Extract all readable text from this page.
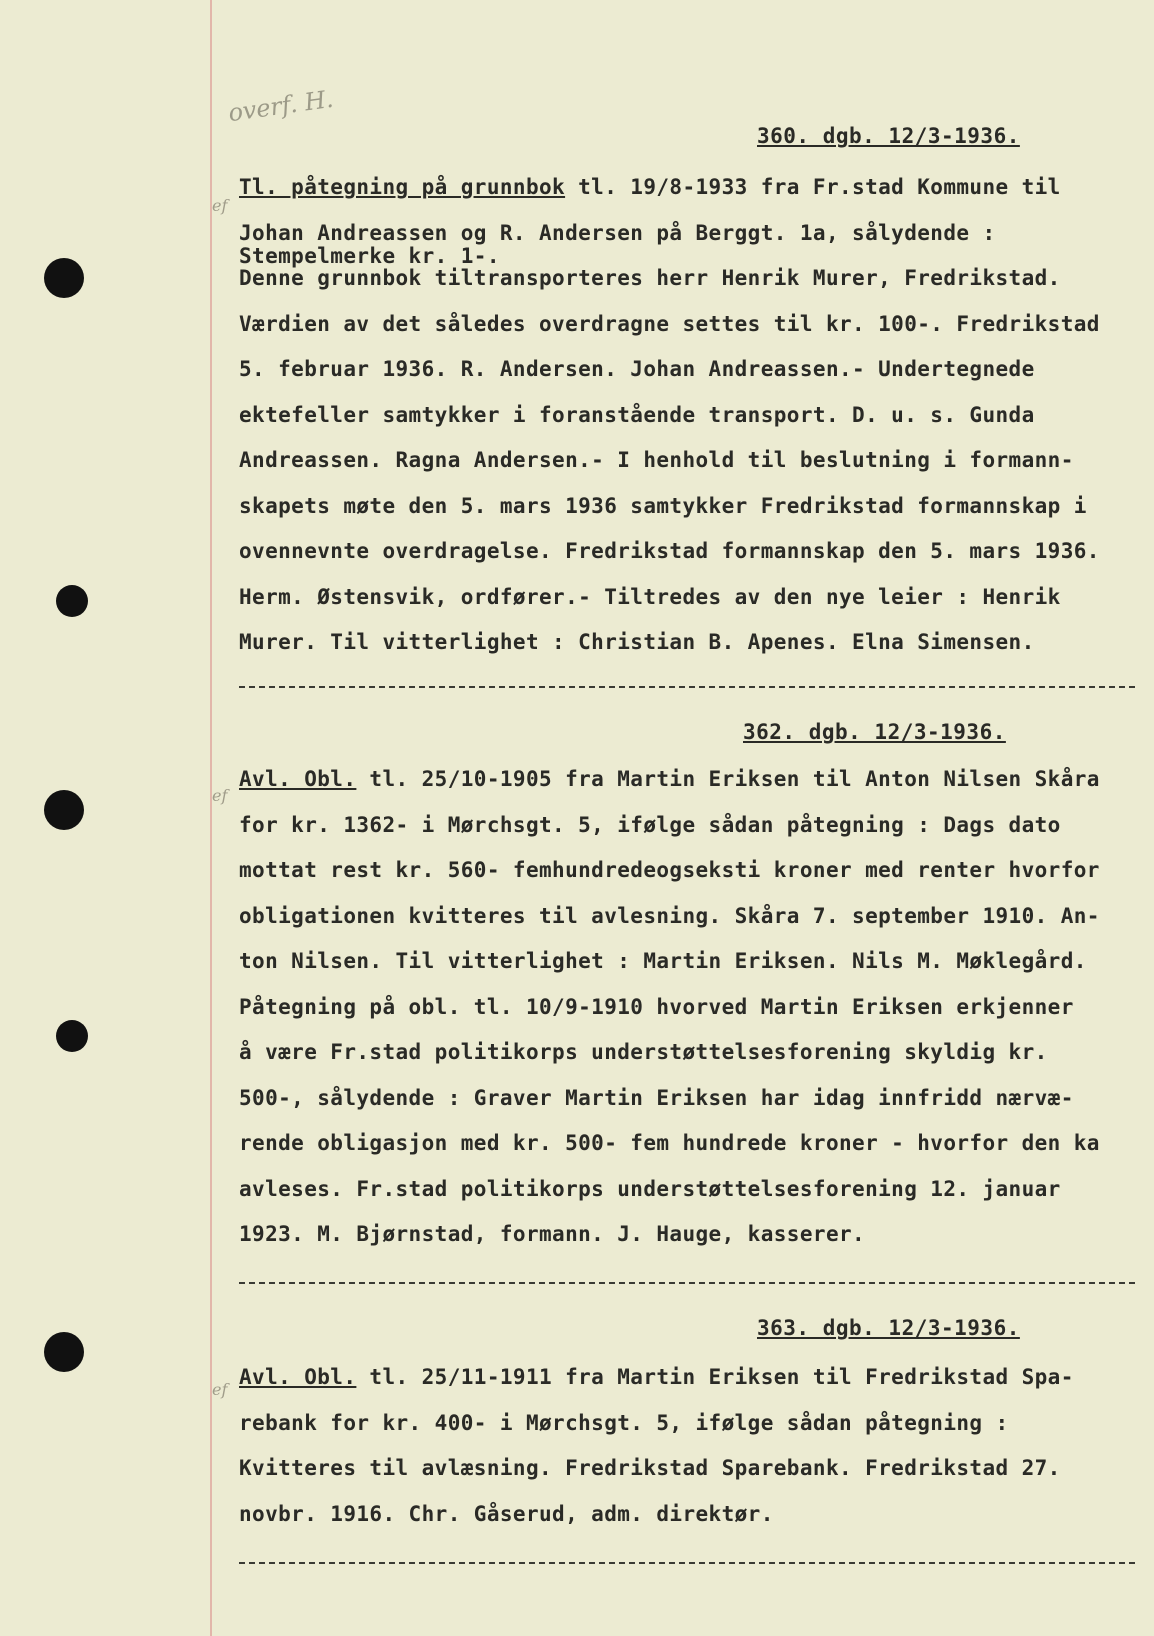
overf. H.
360. dgb. 12/3-1936.
ef
Tl. påtegning på grunnbok tl. 19/8-1933 fra Fr.stad Kommune til
Johan Andreassen og R. Andersen på Berggt. 1a, sålydende :
Stempelmerke kr. 1-.
Denne grunnbok tiltransporteres herr Henrik Murer, Fredrikstad.
Værdien av det således overdragne settes til kr. 100-. Fredrikstad
5. februar 1936. R. Andersen. Johan Andreassen.- Undertegnede
ektefeller samtykker i foranstående transport. D. u. s. Gunda
Andreassen. Ragna Andersen.- I henhold til beslutning i formann-
skapets møte den 5. mars 1936 samtykker Fredrikstad formannskap i
ovennevnte overdragelse. Fredrikstad formannskap den 5. mars 1936.
Herm. Østensvik, ordfører.- Tiltredes av den nye leier : Henrik
Murer. Til vitterlighet : Christian B. Apenes. Elna Simensen.
362. dgb. 12/3-1936.
ef
Avl. Obl. tl. 25/10-1905 fra Martin Eriksen til Anton Nilsen Skåra
for kr. 1362- i Mørchsgt. 5, ifølge sådan påtegning : Dags dato
mottat rest kr. 560- femhundredeogseksti kroner med renter hvorfor
obligationen kvitteres til avlesning. Skåra 7. september 1910. An-
ton Nilsen. Til vitterlighet : Martin Eriksen. Nils M. Møklegård.
Påtegning på obl. tl. 10/9-1910 hvorved Martin Eriksen erkjenner
å være Fr.stad politikorps understøttelsesforening skyldig kr.
500-, sålydende : Graver Martin Eriksen har idag innfridd nærvæ-
rende obligasjon med kr. 500- fem hundrede kroner - hvorfor den ka
avleses. Fr.stad politikorps understøttelsesforening 12. januar
1923. M. Bjørnstad, formann. J. Hauge, kasserer.
363. dgb. 12/3-1936.
ef
Avl. Obl. tl. 25/11-1911 fra Martin Eriksen til Fredrikstad Spa-
rebank for kr. 400- i Mørchsgt. 5, ifølge sådan påtegning :
Kvitteres til avlæsning. Fredrikstad Sparebank. Fredrikstad 27.
novbr. 1916. Chr. Gåserud, adm. direktør.
